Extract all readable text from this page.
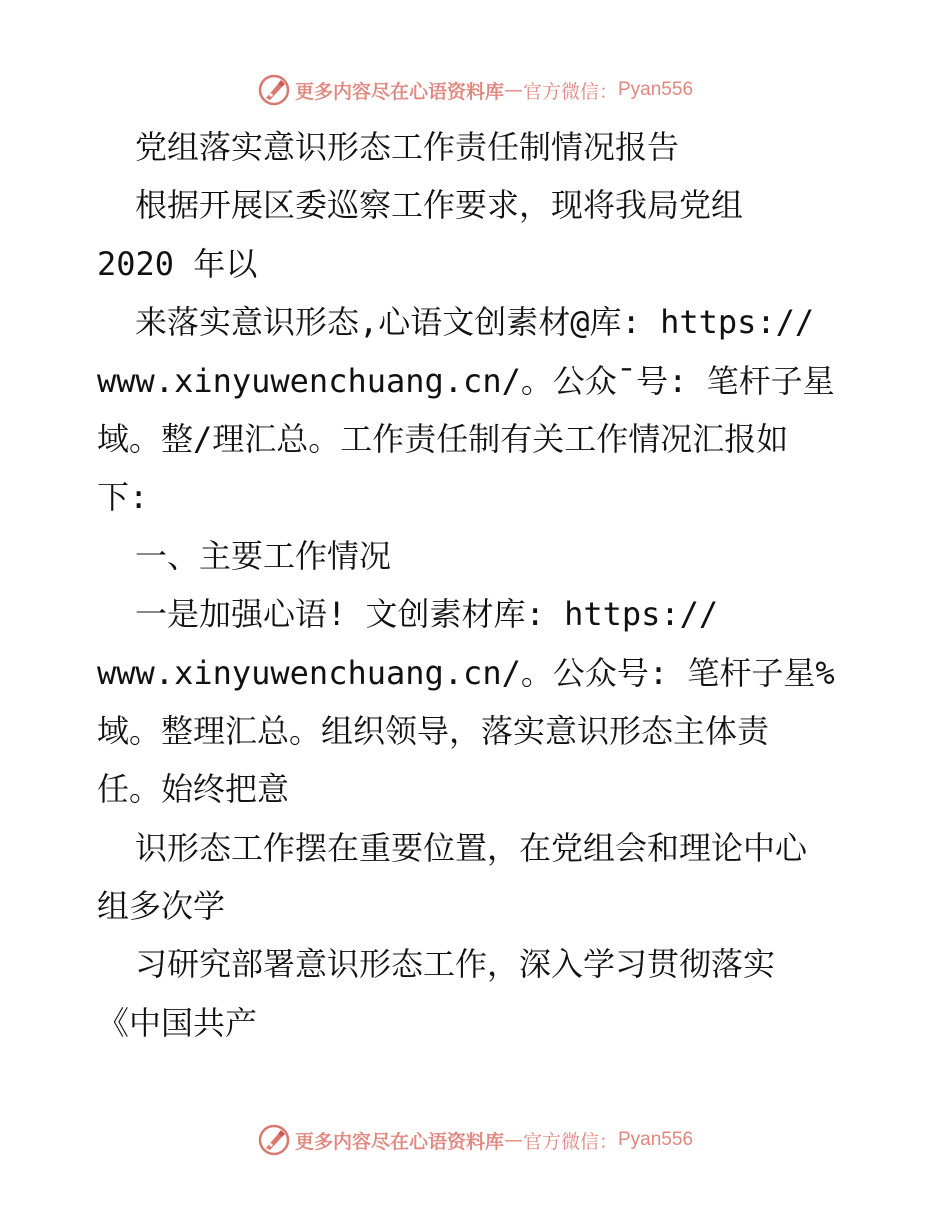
更多内容尽在心语资料库 — 官方微信： Pyan556
党组落实意识形态工作责任制情况报告
根据开展区委巡察工作要求，现将我局党组
2020 年以
来落实意识形态,心语文创素材@库: https://
www.xinyuwenchuang.cn/。公众¯号: 笔杆子星
域。整/理汇总。工作责任制有关工作情况汇报如
下:
一、主要工作情况
一是加强心语! 文创素材库: https://
www.xinyuwenchuang.cn/。公众号: 笔杆子星%
域。整理汇总。组织领导，落实意识形态主体责
任。始终把意
识形态工作摆在重要位置，在党组会和理论中心
组多次学
习研究部署意识形态工作，深入学习贯彻落实
《中国共产
更多内容尽在心语资料库 — 官方微信： Pyan556
